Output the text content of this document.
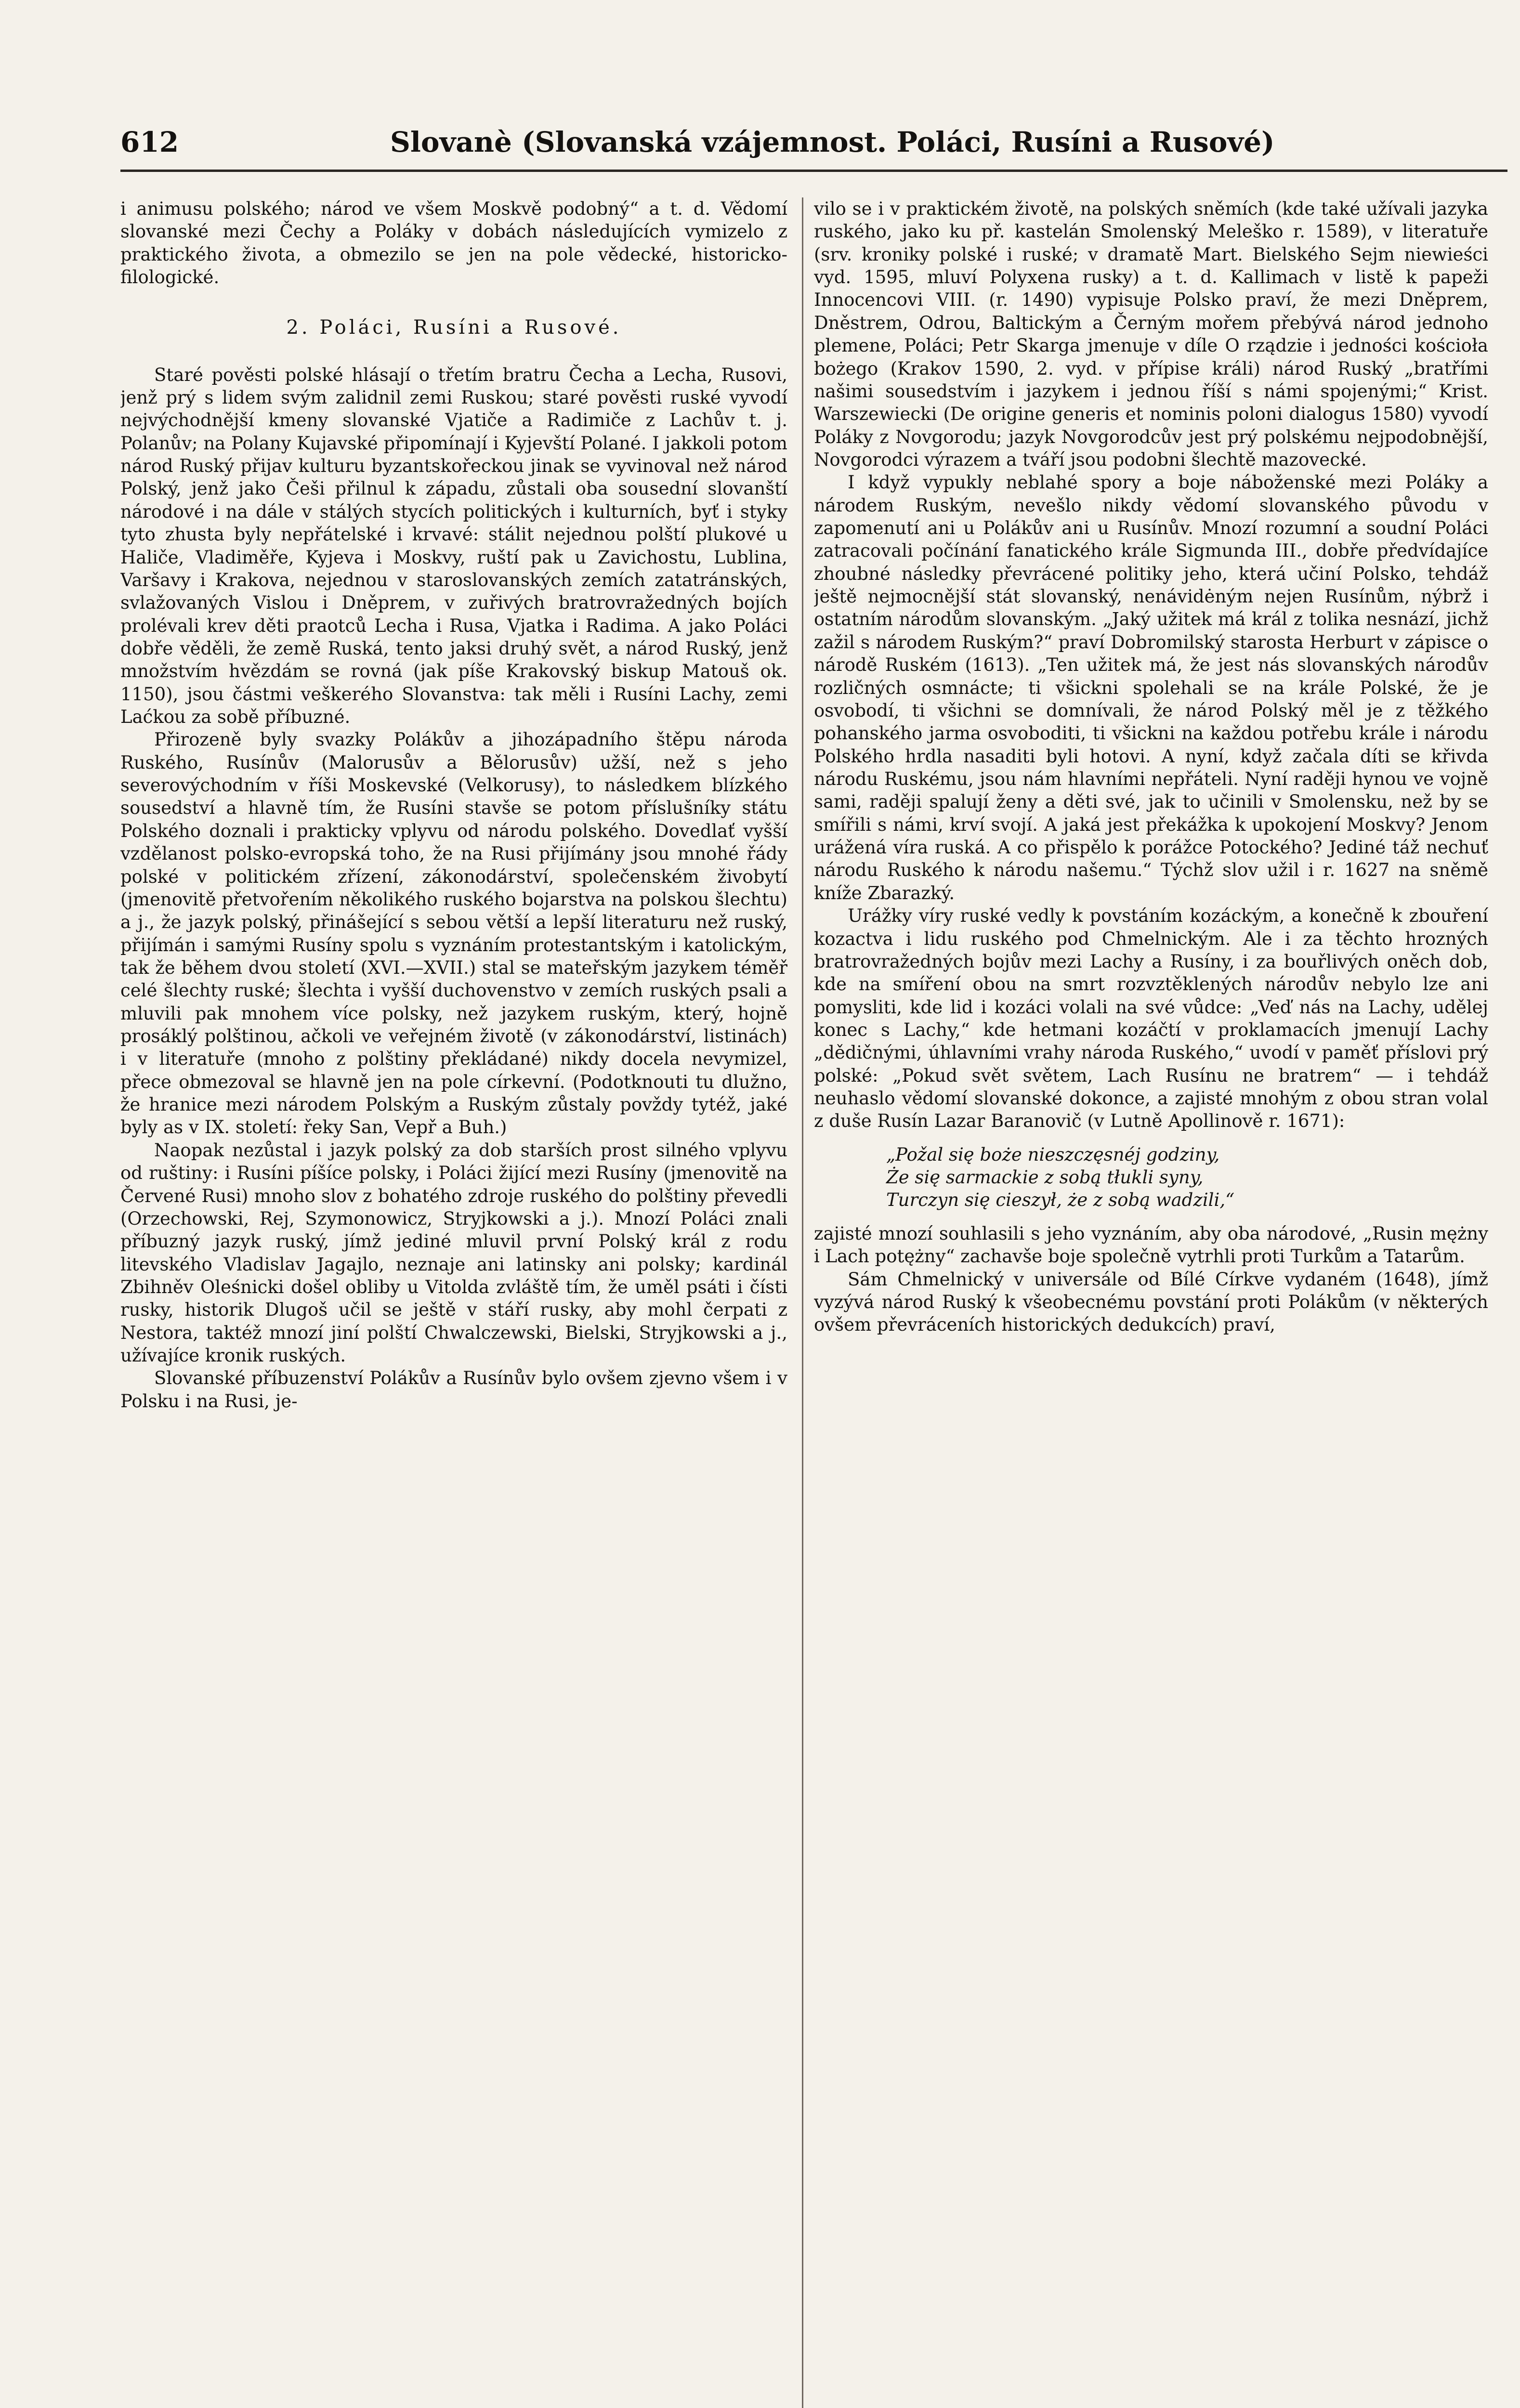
612	Slovanè (Slovanská vzájemnost. Poláci, Rusíni a Rusové)

i animusu polského; národ ve všem Moskvě podobný“ a t. d. Vědomí slovanské mezi Čechy a Poláky v dobách následujících vymizelo z praktického života, a obmezilo se jen na pole vědecké, historicko-filologické.

2. Poláci, Rusíni a Rusové.

Staré pověsti polské hlásají o třetím bratru Čecha a Lecha, Rusovi, jenž prý s lidem svým zalidnil zemi Ruskou; staré pověsti ruské vyvodí nejvýchodnější kmeny slovanské Vjatiče a Radimiče z Lachův t. j. Polanův; na Polany Kujavské připomínají i Kyjevští Polané. I jakkoli potom národ Ruský přijav kulturu byzantskořeckou jinak se vyvinoval než národ Polský, jenž jako Češi přilnul k západu, zůstali oba sousední slovanští národové i na dále v stálých stycích politických i kulturních, byť i styky tyto zhusta byly nepřátelské i krvavé: stálit nejednou polští plukové u Haliče, Vladiměře, Kyjeva i Moskvy, ruští pak u Zavichostu, Lublina, Varšavy i Krakova, nejednou v staroslovanských zemích zatatránských, svlažovaných Vislou i Dněprem, v zuřivých bratrovražedných bojích prolévali krev děti praotců Lecha i Rusa, Vjatka i Radima. A jako Poláci dobře věděli, že země Ruská, tento jaksi druhý svět, a národ Ruský, jenž množstvím hvězdám se rovná (jak píše Krakovský biskup Matouš ok. 1150), jsou částmi veškerého Slovanstva: tak měli i Rusíni Lachy, zemi Laćkou za sobě příbuzné.

Přirozeně byly svazky Polákův a jihozápadního štěpu národa Ruského, Rusínův (Malorusův a Bělorusův) užší, než s jeho severovýchodním v říši Moskevské (Velkorusy), to následkem blízkého sousedství a hlavně tím, že Rusíni stavše se potom příslušníky státu Polského doznali i prakticky vplyvu od národu polského. Dovedlať vyšší vzdělanost polsko-evropská toho, že na Rusi přijímány jsou mnohé řády polské v politickém zřízení, zákonodárství, společenském živobytí (jmenovitě přetvořením několikého ruského bojarstva na polskou šlechtu) a j., že jazyk polský, přinášející s sebou větší a lepší literaturu než ruský, přijímán i samými Rusíny spolu s vyznáním protestantským i katolickým, tak že během dvou století (XVI.—XVII.) stal se mateřským jazykem téměř celé šlechty ruské; šlechta i vyšší duchovenstvo v zemích ruských psali a mluvili pak mnohem více polsky, než jazykem ruským, který, hojně prosáklý polštinou, ačkoli ve veřejném životě (v zákonodárství, listinách) i v literatuře (mnoho z polštiny překládané) nikdy docela nevymizel, přece obmezoval se hlavně jen na pole církevní. (Podotknouti tu dlužno, že hranice mezi národem Polským a Ruským zůstaly povždy tytéž, jaké byly as v IX. století: řeky San, Vepř a Buh.)

Naopak nezůstal i jazyk polský za dob starších prost silného vplyvu od ruštiny: i Rusíni píšíce polsky, i Poláci žijící mezi Rusíny (jmenovitě na Červené Rusi) mnoho slov z bohatého zdroje ruského do polštiny převedli (Orzechowski, Rej, Szymonowicz, Stryjkowski a j.). Mnozí Poláci znali příbuzný jazyk ruský, jímž jediné mluvil první Polský král z rodu litevského Vladislav Jagajlo, neznaje ani latinsky ani polsky; kardinál Zbihněv Oleśnicki došel obliby u Vitolda zvláště tím, že uměl psáti i čísti rusky, historik Dlugoš učil se ještě v stáří rusky, aby mohl čerpati z Nestora, taktéž mnozí jiní polští Chwalczewski, Bielski, Stryjkowski a j., užívajíce kronik ruských.

Slovanské příbuzenství Polákův a Rusínův bylo ovšem zjevno všem i v Polsku i na Rusi, je-

vilo se i v praktickém životě, na polských sněmích (kde také užívali jazyka ruského, jako ku př. kastelán Smolenský Meleško r. 1589), v literatuře (srv. kroniky polské i ruské; v dramatě Mart. Bielského Sejm niewieści vyd. 1595, mluví Polyxena rusky) a t. d. Kallimach v listě k papeži Innocencovi VIII. (r. 1490) vypisuje Polsko praví, že mezi Dněprem, Dněstrem, Odrou, Baltickým a Černým mořem přebývá národ jednoho plemene, Poláci; Petr Skarga jmenuje v díle O rządzie i jedności kościoła bożego (Krakov 1590, 2. vyd. v přípise králi) národ Ruský „bratřími našimi sousedstvím i jazykem i jednou říší s námi spojenými;“ Krist. Warszewiecki (De origine generis et nominis poloni dialogus 1580) vyvodí Poláky z Novgorodu; jazyk Novgorodcův jest prý polskému nejpodobnější, Novgorodci výrazem a tváří jsou podobni šlechtě mazovecké.

I když vypukly neblahé spory a boje náboženské mezi Poláky a národem Ruským, nevešlo nikdy vědomí slovanského původu v zapomenutí ani u Polákův ani u Rusínův. Mnozí rozumní a soudní Poláci zatracovali počínání fanatického krále Sigmunda III., dobře předvídajíce zhoubné následky převrácené politiky jeho, která učiní Polsko, tehdáž ještě nejmocnější stát slovanský, nenávidėným nejen Rusínům, nýbrž i ostatním národům slovanským. „Jaký užitek má král z tolika nesnází, jichž zažil s národem Ruským?“ praví Dobromilský starosta Herburt v zápisce o národě Ruském (1613). „Ten užitek má, že jest nás slovanských národův rozličných osmnácte; ti všickni spolehali se na krále Polské, že je osvobodí, ti všichni se domnívali, že národ Polský měl je z těžkého pohanského jarma osvoboditi, ti všickni na každou potřebu krále i národu Polského hrdla nasaditi byli hotovi. A nyní, když začala díti se křivda národu Ruskému, jsou nám hlavními nepřáteli. Nyní raději hynou ve vojně sami, raději spalují ženy a děti své, jak to učinili v Smolensku, než by se smířili s námi, krví svojí. A jaká jest překážka k upokojení Moskvy? Jenom urážená víra ruská. A co přispělo k porážce Potockého? Jediné táž nechuť národu Ruského k národu našemu.“ Týchž slov užil i r. 1627 na sněmě kníže Zbarazký.

Urážky víry ruské vedly k povstáním kozáckým, a konečně k zbouření kozactva i lidu ruského pod Chmelnickým. Ale i za těchto hrozných bratrovražedných bojův mezi Lachy a Rusíny, i za bouřlivých oněch dob, kde na smíření obou na smrt rozvztěklených národův nebylo lze ani pomysliti, kde lid i kozáci volali na své vůdce: „Veď nás na Lachy, udělej konec s Lachy,“ kde hetmani kozáčtí v proklamacích jmenují Lachy „dědičnými, úhlavními vrahy národa Ruského,“ uvodí v paměť příslovi prý polské: „Pokud svět světem, Lach Rusínu ne bratrem“ — i tehdáž neuhaslo vědomí slovanské dokonce, a zajisté mnohým z obou stran volal z duše Rusín Lazar Baranovič (v Lutně Apollinově r. 1671):

„Požal się boże nieszczęsnéj godziny,
Że się sarmackie z sobą tłukli syny,
Turczyn się cieszył, że z sobą wadzili,“

zajisté mnozí souhlasili s jeho vyznáním, aby oba národové, „Rusin mężny i Lach potężny“ zachavše boje společně vytrhli proti Turkům a Tatarům.

Sám Chmelnický v universále od Bílé Církve vydaném (1648), jímž vyzývá národ Ruský k všeobecnému povstání proti Polákům (v některých ovšem převráceních historických dedukcích) praví,
